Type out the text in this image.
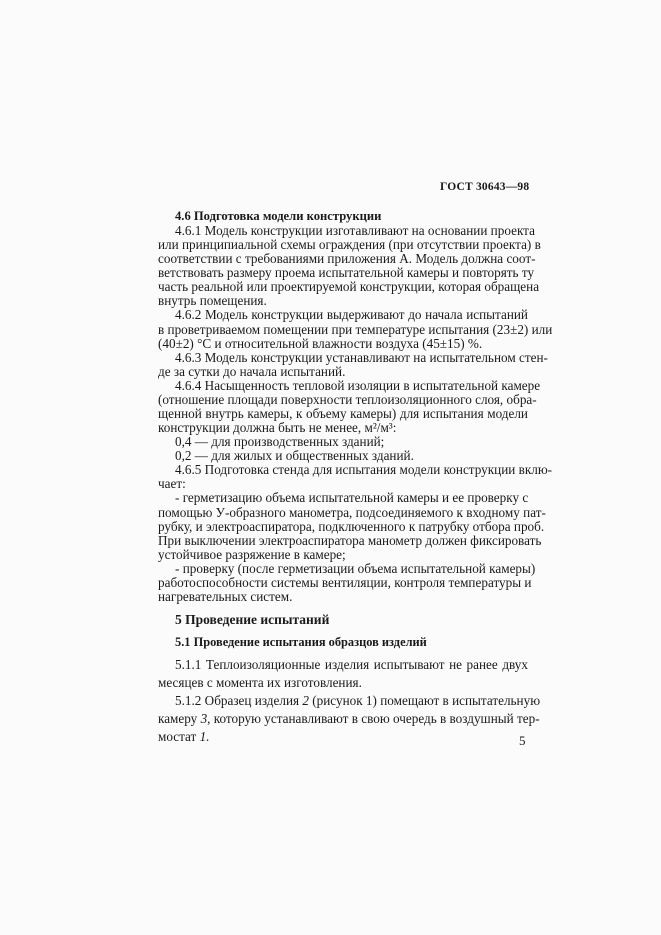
ГОСТ 30643—98
4.6 Подготовка модели конструкции
4.6.1 Модель конструкции изготавливают на основании проекта
или принципиальной схемы ограждения (при отсутствии проекта) в
соответствии с требованиями приложения А. Модель должна соот-
ветствовать размеру проема испытательной камеры и повторять ту
часть реальной или проектируемой конструкции, которая обращена
внутрь помещения.
4.6.2 Модель конструкции выдерживают до начала испытаний
в проветриваемом помещении при температуре испытания (23±2) или
(40±2) °С и относительной влажности воздуха (45±15) %.
4.6.3 Модель конструкции устанавливают на испытательном стен-
де за сутки до начала испытаний.
4.6.4 Насыщенность тепловой изоляции в испытательной камере
(отношение площади поверхности теплоизоляционного слоя, обра-
щенной внутрь камеры, к объему камеры) для испытания модели
конструкции должна быть не менее, м²/м³:
0,4 — для производственных зданий;
0,2 — для жилых и общественных зданий.
4.6.5 Подготовка стенда для испытания модели конструкции вклю-
чает:
- герметизацию объема испытательной камеры и ее проверку с
помощью У-образного манометра, подсоединяемого к входному пат-
рубку, и электроаспиратора, подключенного к патрубку отбора проб.
При выключении электроаспиратора манометр должен фиксировать
устойчивое разряжение в камере;
- проверку (после герметизации объема испытательной камеры)
работоспособности системы вентиляции, контроля температуры и
нагревательных систем.
5 Проведение испытаний
5.1 Проведение испытания образцов изделий
5.1.1 Теплоизоляционные изделия испытывают не ранее двух
месяцев с момента их изготовления.
5.1.2 Образец изделия 2 (рисунок 1) помещают в испытательную
камеру 3, которую устанавливают в свою очередь в воздушный тер-
мостат 1.	5
